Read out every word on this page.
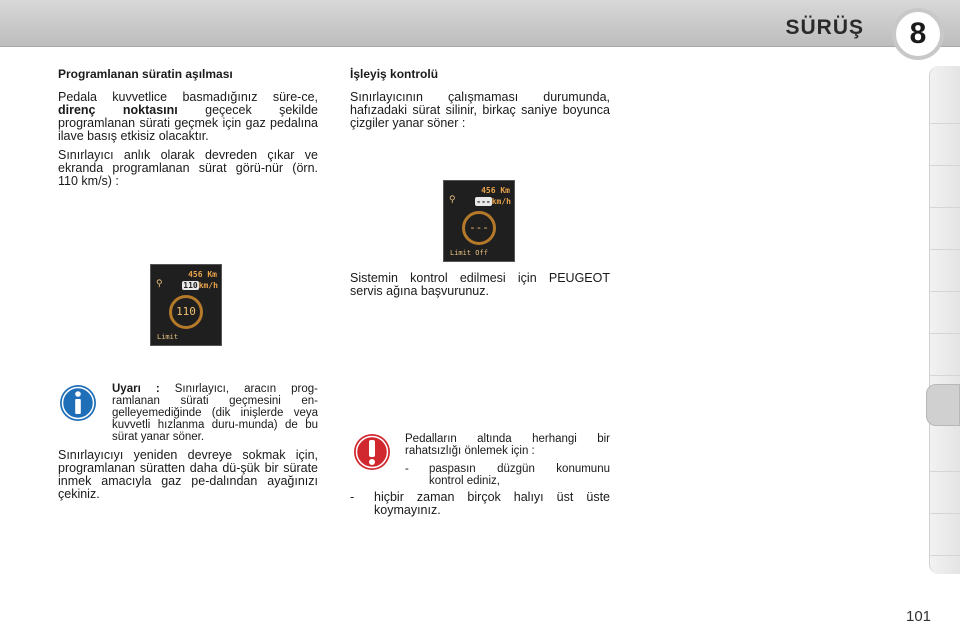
SÜRÜŞ	8

Programlanan süratin aşılması

Pedala kuvvetlice basmadığınız süre-ce, direnç noktasını geçecek şekilde programlanan sürati geçmek için gaz pedalına ilave basış etkisiz olacaktır.

Sınırlayıcı anlık olarak devreden çıkar ve ekranda programlanan sürat görü-nür (örn. 110 km/s) :

456 Km
⚲	110km/h
110
Limit

Uyarı : Sınırlayıcı, aracın prog-ramlanan sürati geçmesini en-gelleyemediğinde (dik inişlerde veya kuvvetli hızlanma duru-munda) de bu sürat yanar söner.

Sınırlayıcıyı yeniden devreye sokmak için, programlanan süratten daha dü-şük bir sürate inmek amacıyla gaz pe-dalından ayağınızı çekiniz.

İşleyiş kontrolü

Sınırlayıcının çalışmaması durumunda, hafızadaki sürat silinir, birkaç saniye boyunca çizgiler yanar söner :

456 Km
⚲	---km/h
---
Limit Off

Sistemin kontrol edilmesi için PEUGEOT servis ağına başvurunuz.

Pedalların altında herhangi bir rahatsızlığı önlemek için :

- paspasın düzgün konumunu kontrol ediniz,

- hiçbir zaman birçok halıyı üst üste koymayınız.

101
